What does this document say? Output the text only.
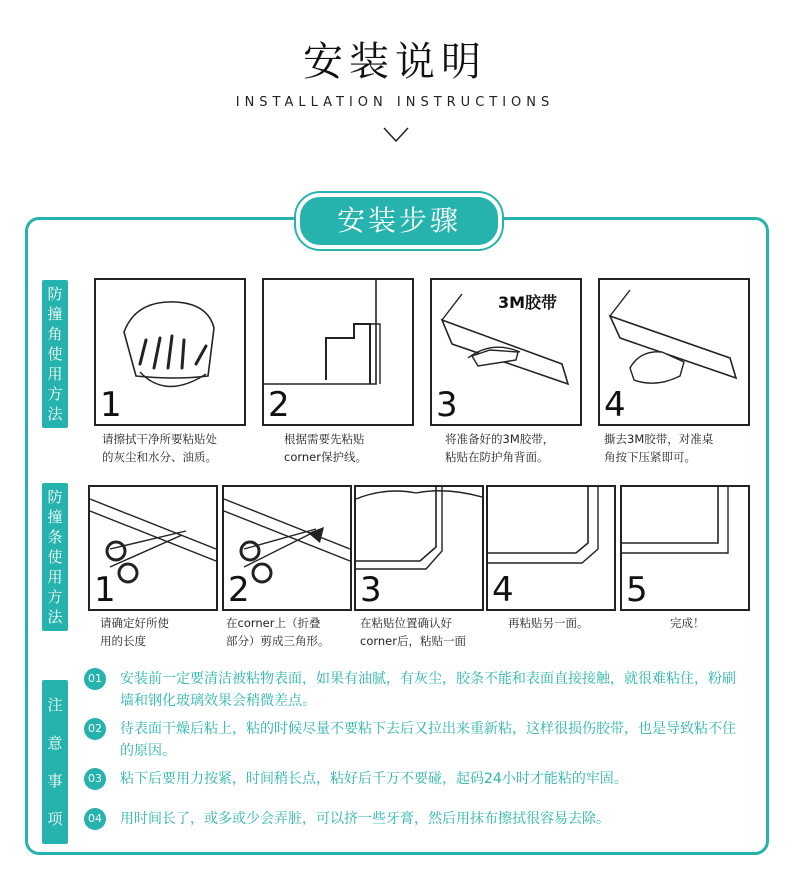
安装说明
INSTALLATION INSTRUCTIONS
安装步骤
防撞角使用方法 1	2
3M胶带
3	4
请擦拭干净所要粘贴处
的灰尘和水分、油质。
根据需要先粘贴
corner保护线。
将准备好的3M胶带，
粘贴在防护角背面。
撕去3M胶带，对准桌
角按下压紧即可。
防撞条使用方法
1	2	3	4	5
请确定好所使
用的长度
在corner上（折叠
部分）剪成三角形。
在粘贴位置确认好
corner后，粘贴一面
再粘贴另一面。	完成！
注意事项
01 安装前一定要清洁被粘物表面，如果有油腻，有灰尘，胶条不能和表面直接接触，就很难粘住，粉刷墙和钢化玻璃效果会稍微差点。
02 待表面干燥后粘上，粘的时候尽量不要粘下去后又拉出来重新粘，这样很损伤胶带，也是导致粘不住的原因。
03 粘下后要用力按紧，时间稍长点，粘好后千万不要碰，起码24小时才能粘的牢固。
04 用时间长了，或多或少会弄脏，可以挤一些牙膏，然后用抹布擦拭很容易去除。
